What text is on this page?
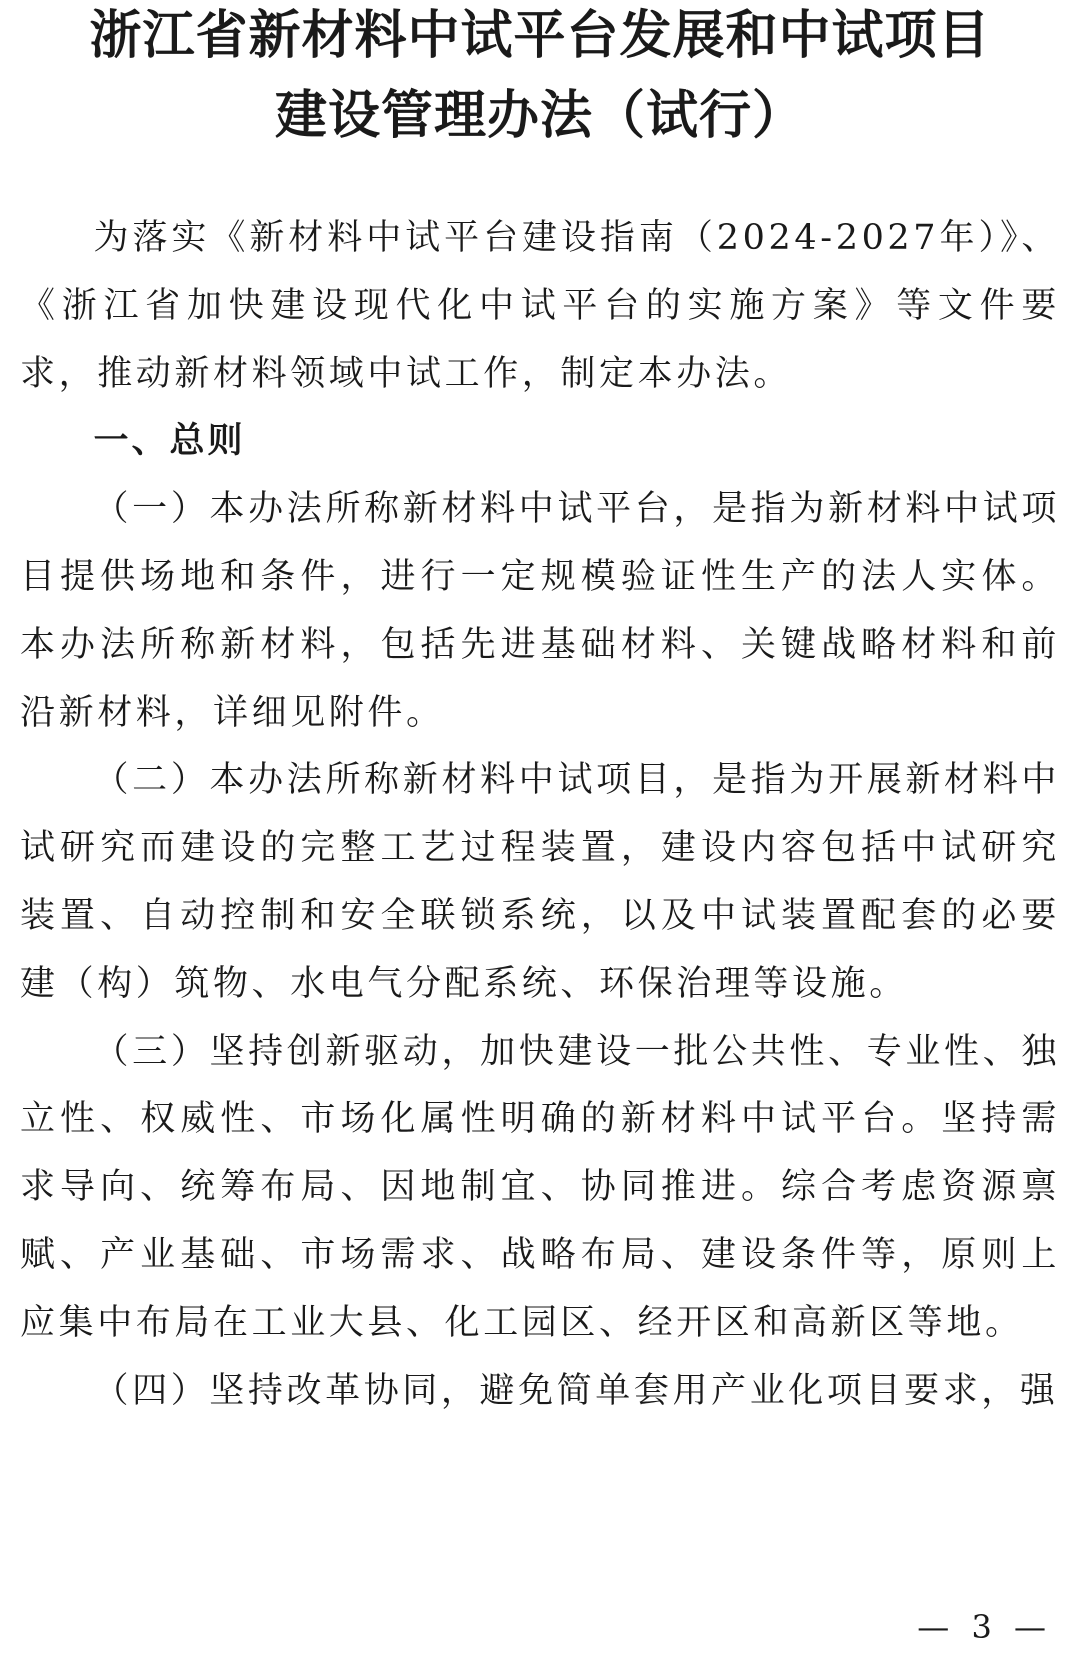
浙江省新材料中试平台发展和中试项目
建设管理办法（试行）

为落实《新材料中试平台建设指南（2024-2027年）》、《浙江省加快建设现代化中试平台的实施方案》等文件要求，推动新材料领域中试工作，制定本办法。

一、总则

（一）本办法所称新材料中试平台，是指为新材料中试项目提供场地和条件，进行一定规模验证性生产的法人实体。本办法所称新材料，包括先进基础材料、关键战略材料和前沿新材料，详细见附件。

（二）本办法所称新材料中试项目，是指为开展新材料中试研究而建设的完整工艺过程装置，建设内容包括中试研究装置、自动控制和安全联锁系统，以及中试装置配套的必要建（构）筑物、水电气分配系统、环保治理等设施。

（三）坚持创新驱动，加快建设一批公共性、专业性、独立性、权威性、市场化属性明确的新材料中试平台。坚持需求导向、统筹布局、因地制宜、协同推进。综合考虑资源禀赋、产业基础、市场需求、战略布局、建设条件等，原则上应集中布局在工业大县、化工园区、经开区和高新区等地。

（四）坚持改革协同，避免简单套用产业化项目要求，强

— 3 —
